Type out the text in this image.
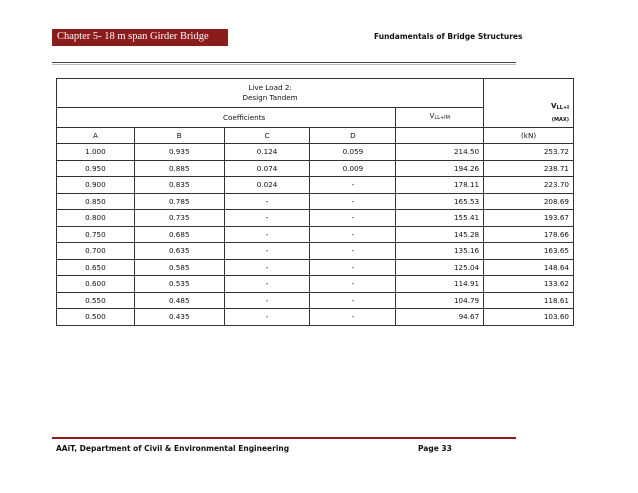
Chapter 5- 18 m span Girder Bridge	Fundamentals of Bridge Structures
Live Load 2:
Design Tandem					$V_{LL+I}$
$_{(MAX)}$
Coefficients				$V_{LL+IM}$
A	B	C	D		(kN)
1.000	0.935	0.124	0.059	214.50	253.72
0.950	0.885	0.074	0.009	194.26	238.71
0.900	0.835	0.024	-	178.11	223.70
0.850	0.785	-	-	165.53	208.69
0.800	0.735	-	-	155.41	193.67
0.750	0.685	-	-	145.28	178.66
0.700	0.635	-	-	135.16	163.65
0.650	0.585	-	-	125.04	148.64
0.600	0.535	-	-	114.91	133.62
0.550	0.485	-	-	104.79	118.61
0.500	0.435	-	-	94.67	103.60
AAiT, Department of Civil & Environmental Engineering	Page 33
